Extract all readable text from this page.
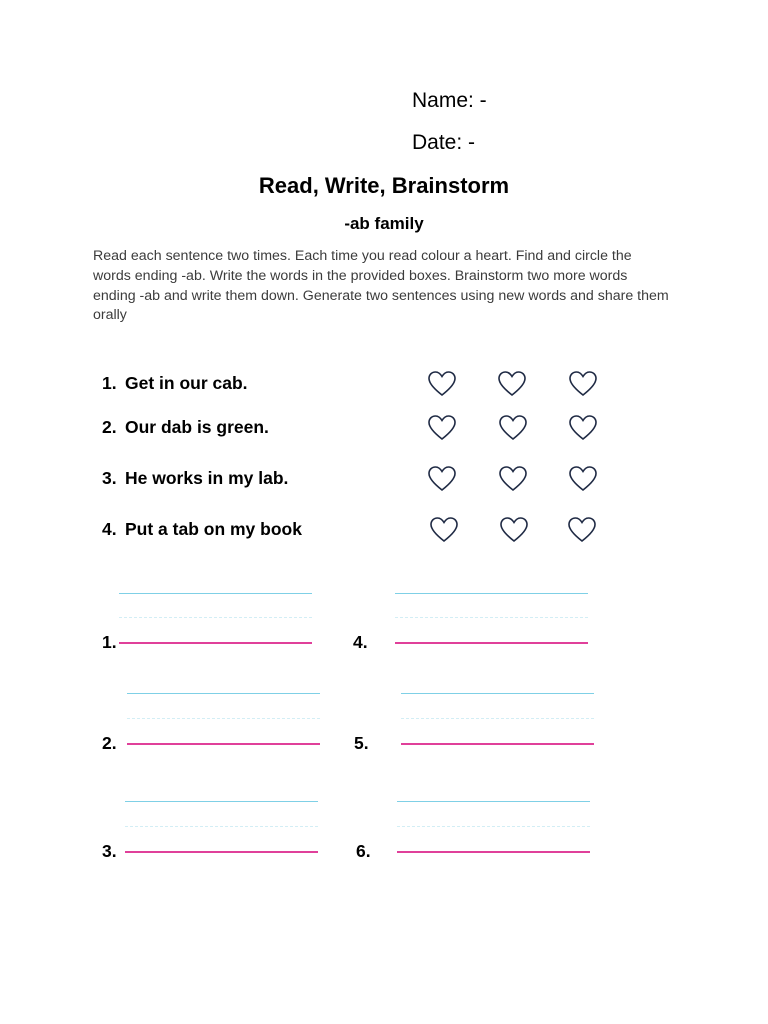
Name: -
Date: -
Read, Write, Brainstorm
-ab family
Read each sentence two times. Each time you read colour a heart. Find and circle the words ending -ab. Write the words in the provided boxes. Brainstorm two more words ending -ab and write them down. Generate two sentences using new words and share them orally
1. Get in our cab.
2. Our dab is green.
3. He works in my lab.
4. Put a tab on my book
1.	4.
2.	5.
3.	6.
